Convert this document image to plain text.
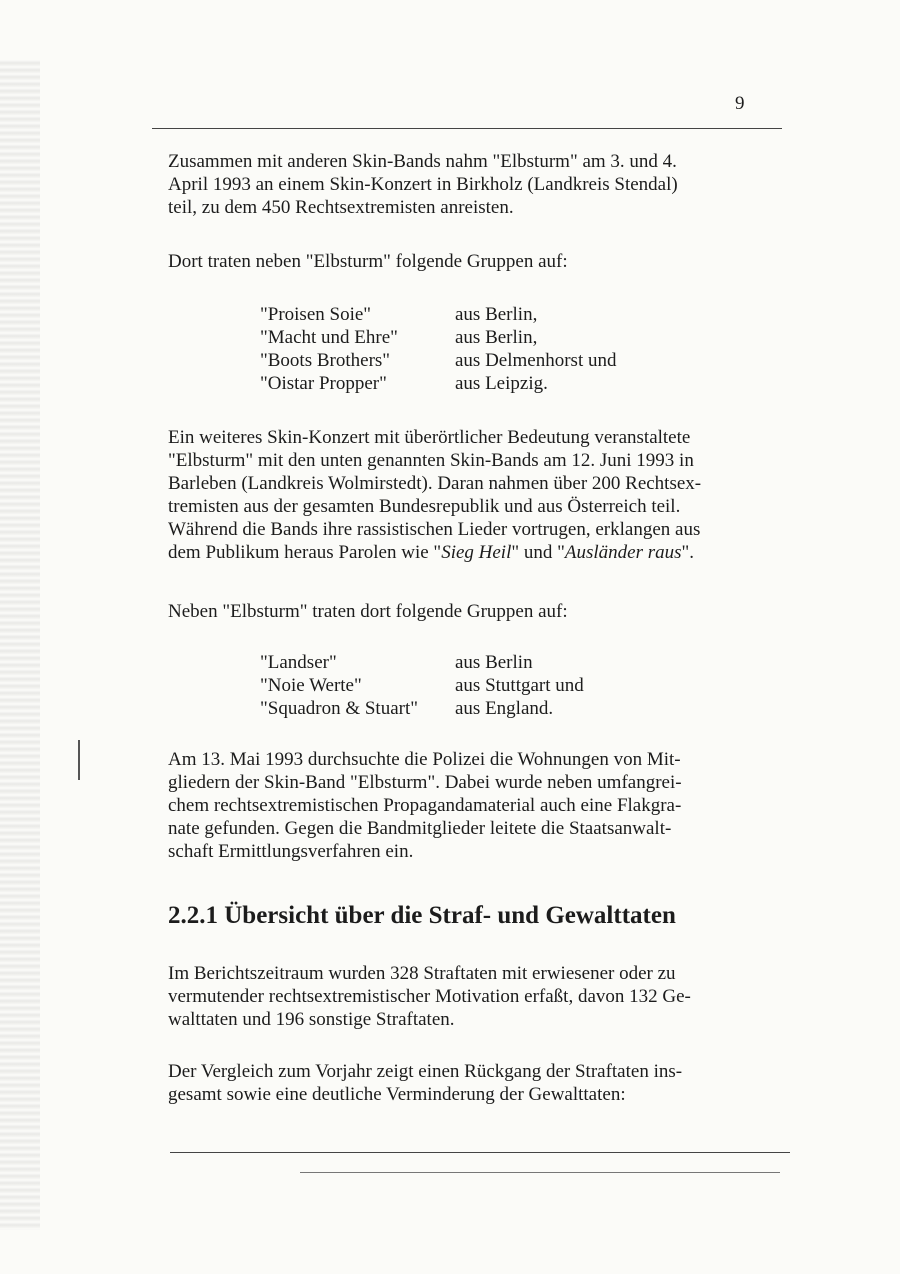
9
Zusammen mit anderen Skin-Bands nahm "Elbsturm" am 3. und 4.
April 1993 an einem Skin-Konzert in Birkholz (Landkreis Stendal)
teil, zu dem 450 Rechtsextremisten anreisten.
Dort traten neben "Elbsturm" folgende Gruppen auf:
"Proisen Soie"	aus Berlin,
"Macht und Ehre"	aus Berlin,
"Boots Brothers"	aus Delmenhorst und
"Oistar Propper"	aus Leipzig.
Ein weiteres Skin-Konzert mit überörtlicher Bedeutung veranstaltete
"Elbsturm" mit den unten genannten Skin-Bands am 12. Juni 1993 in
Barleben (Landkreis Wolmirstedt). Daran nahmen über 200 Rechtsex-
tremisten aus der gesamten Bundesrepublik und aus Österreich teil.
Während die Bands ihre rassistischen Lieder vortrugen, erklangen aus
dem Publikum heraus Parolen wie "Sieg Heil" und "Ausländer raus".
Neben "Elbsturm" traten dort folgende Gruppen auf:
"Landser"	aus Berlin
"Noie Werte"	aus Stuttgart und
"Squadron & Stuart"	aus England.
Am 13. Mai 1993 durchsuchte die Polizei die Wohnungen von Mit-
gliedern der Skin-Band "Elbsturm". Dabei wurde neben umfangrei-
chem rechtsextremistischen Propagandamaterial auch eine Flakgra-
nate gefunden. Gegen die Bandmitglieder leitete die Staatsanwalt-
schaft Ermittlungsverfahren ein.
2.2.1 Übersicht über die Straf- und Gewalttaten
Im Berichtszeitraum wurden 328 Straftaten mit erwiesener oder zu
vermutender rechtsextremistischer Motivation erfaßt, davon 132 Ge-
walttaten und 196 sonstige Straftaten.
Der Vergleich zum Vorjahr zeigt einen Rückgang der Straftaten ins-
gesamt sowie eine deutliche Verminderung der Gewalttaten:
